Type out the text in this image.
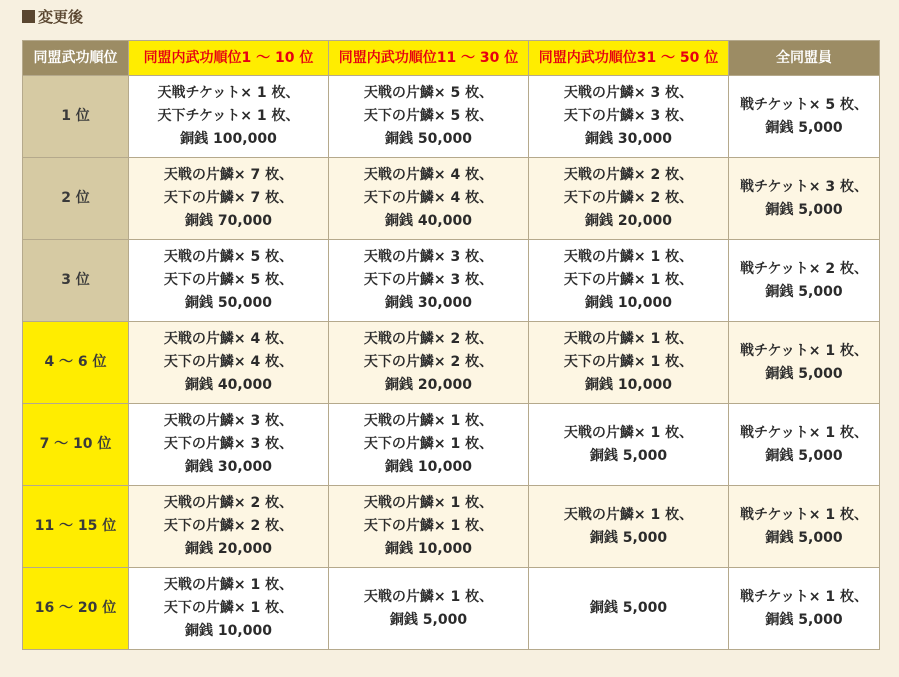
変更後
同盟武功順位	同盟内武功順位1 ～ 10 位	同盟内武功順位11 ～ 30 位	同盟内武功順位31 ～ 50 位	全同盟員
1 位	天戦チケット× 1 枚、
天下チケット× 1 枚、
銅銭 100,000	天戦の片鱗× 5 枚、
天下の片鱗× 5 枚、
銅銭 50,000	天戦の片鱗× 3 枚、
天下の片鱗× 3 枚、
銅銭 30,000	戦チケット× 5 枚、
銅銭 5,000

2 位	天戦の片鱗× 7 枚、
天下の片鱗× 7 枚、
銅銭 70,000	天戦の片鱗× 4 枚、
天下の片鱗× 4 枚、
銅銭 40,000	天戦の片鱗× 2 枚、
天下の片鱗× 2 枚、
銅銭 20,000	戦チケット× 3 枚、
銅銭 5,000

3 位	天戦の片鱗× 5 枚、
天下の片鱗× 5 枚、
銅銭 50,000	天戦の片鱗× 3 枚、
天下の片鱗× 3 枚、
銅銭 30,000	天戦の片鱗× 1 枚、
天下の片鱗× 1 枚、
銅銭 10,000	戦チケット× 2 枚、
銅銭 5,000

4 ～ 6 位	天戦の片鱗× 4 枚、
天下の片鱗× 4 枚、
銅銭 40,000	天戦の片鱗× 2 枚、
天下の片鱗× 2 枚、
銅銭 20,000	天戦の片鱗× 1 枚、
天下の片鱗× 1 枚、
銅銭 10,000	戦チケット× 1 枚、
銅銭 5,000

7 ～ 10 位	天戦の片鱗× 3 枚、
天下の片鱗× 3 枚、
銅銭 30,000	天戦の片鱗× 1 枚、
天下の片鱗× 1 枚、
銅銭 10,000	天戦の片鱗× 1 枚、
銅銭 5,000	戦チケット× 1 枚、
銅銭 5,000

11 ～ 15 位	天戦の片鱗× 2 枚、
天下の片鱗× 2 枚、
銅銭 20,000	天戦の片鱗× 1 枚、
天下の片鱗× 1 枚、
銅銭 10,000	天戦の片鱗× 1 枚、
銅銭 5,000	戦チケット× 1 枚、
銅銭 5,000

16 ～ 20 位	天戦の片鱗× 1 枚、
天下の片鱗× 1 枚、
銅銭 10,000	天戦の片鱗× 1 枚、
銅銭 5,000	銅銭 5,000	戦チケット× 1 枚、
銅銭 5,000
